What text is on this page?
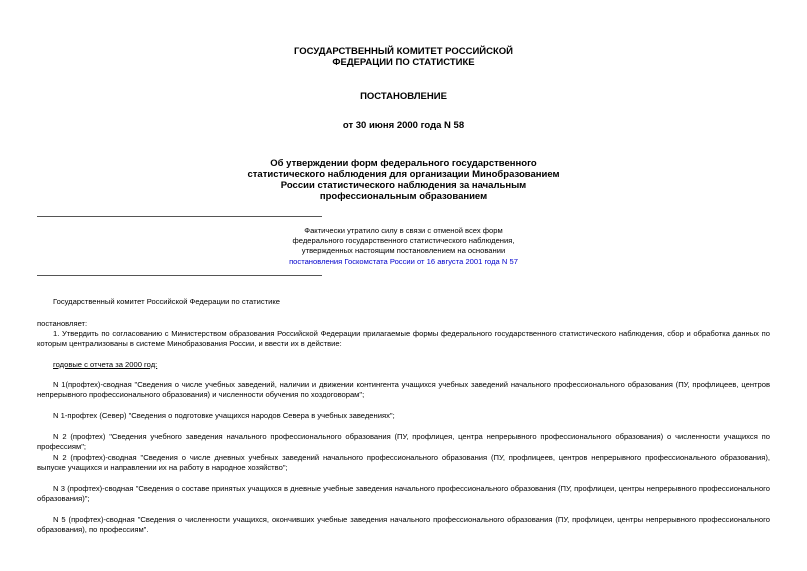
ГОСУДАРСТВЕННЫЙ КОМИТЕТ РОССИЙСКОЙ
ФЕДЕРАЦИИ ПО СТАТИСТИКЕ
ПОСТАНОВЛЕНИЕ
от 30 июня 2000 года N 58
Об утверждении форм федерального государственного
статистического наблюдения для организации Минобразованием
России статистического наблюдения за начальным
профессиональным образованием
Фактически утратило силу в связи с отменой всех форм
федерального государственного статистического наблюдения,
утвержденных настоящим постановлением на основании
постановления Госкомстата России от 16 августа 2001 года N 57
Государственный комитет Российской Федерации по статистике
постановляет:
1. Утвердить по согласованию с Министерством образования Российской Федерации прилагаемые формы федерального государственного статистического наблюдения, сбор и обработка данных по которым централизованы в системе Минобразования России, и ввести их в действие:
годовые с отчета за 2000 год:
N 1(профтех)-сводная "Сведения о числе учебных заведений, наличии и движении контингента учащихся учебных заведений начального профессионального образования (ПУ, профлицеев, центров непрерывного профессионального образования) и численности обучения по хоздоговорам";
N 1-профтех (Север) "Сведения о подготовке учащихся народов Севера в учебных заведениях";
N 2 (профтех) "Сведения учебного заведения начального профессионального образования (ПУ, профлицея, центра непрерывного профессионального образования) о численности учащихся по профессиям";
N 2 (профтех)-сводная "Сведения о числе дневных учебных заведений начального профессионального образования (ПУ, профлицеев, центров непрерывного профессионального образования), выпуске учащихся и направлении их на работу в народное хозяйство";
N 3 (профтех)-сводная "Сведения о составе принятых учащихся в дневные учебные заведения начального профессионального образования (ПУ, профлицеи, центры непрерывного профессионального образования)";
N 5 (профтех)-сводная "Сведения о численности учащихся, окончивших учебные заведения начального профессионального образования (ПУ, профлицеи, центры непрерывного профессионального образования), по профессиям".
